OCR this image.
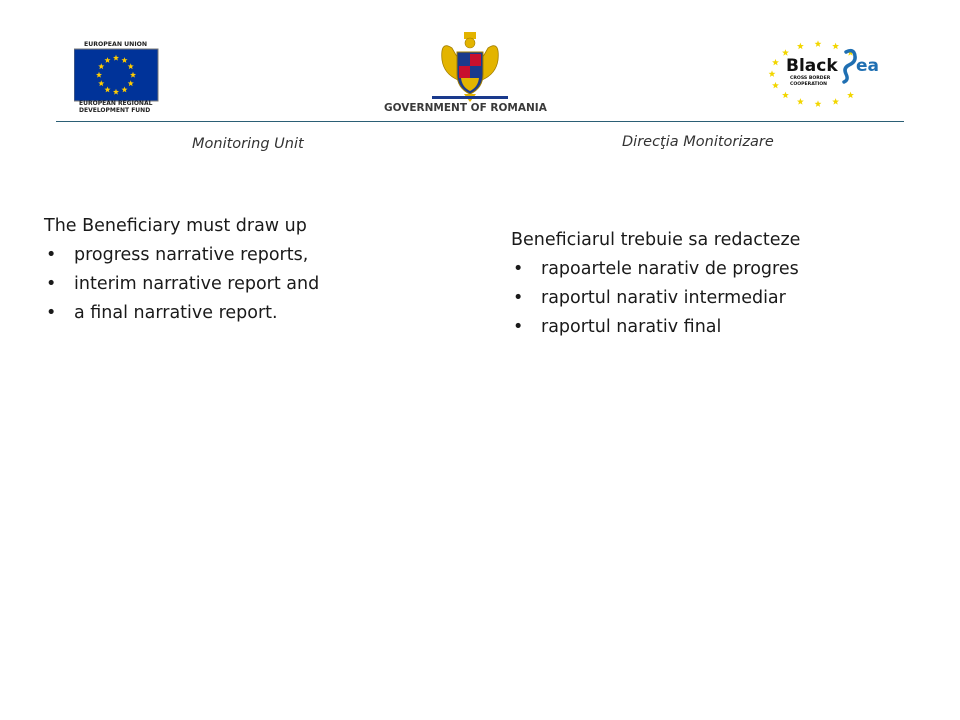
EUROPEAN UNION
EUROPEAN REGIONAL
DEVELOPMENT FUND	GOVERNMENT OF ROMANIA
Black ea
CROSS BORDER
COOPERATION
Monitoring Unit	Direcţia Monitorizare

The Beneficiary must draw up

• progress narrative reports,
• interim narrative report and
• a final narrative report.

Beneficiarul trebuie sa redacteze

• rapoartele narativ de progres
• raportul narativ intermediar
• raportul narativ final
